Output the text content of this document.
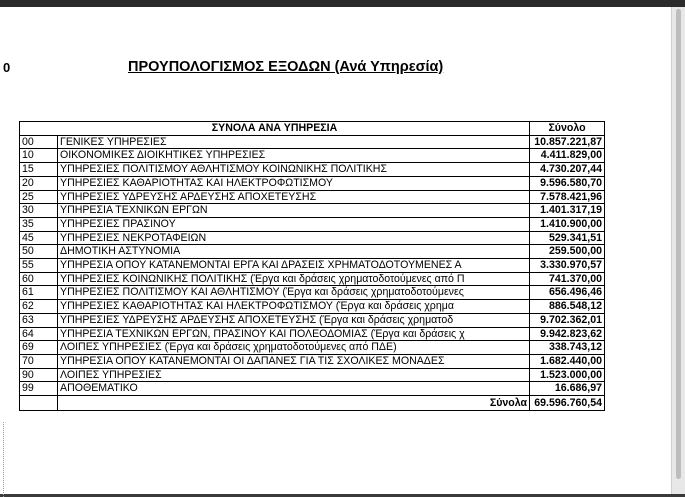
0	ΠΡΟΥΠΟΛΟΓΙΣΜΟΣ ΕΞΟΔΩΝ (Ανά Υπηρεσία)
ΣΥΝΟΛΑ ΑΝΑ ΥΠΗΡΕΣΙΑ		Σύνολο
00	ΓΕΝΙΚΕΣ ΥΠΗΡΕΣΙΕΣ	10.857.221,87
10	ΟΙΚΟΝΟΜΙΚΕΣ ΔΙΟΙΚΗΤΙΚΕΣ ΥΠΗΡΕΣΙΕΣ	4.411.829,00
15	ΥΠΗΡΕΣΙΕΣ ΠΟΛΙΤΙΣΜΟΥ ΑΘΛΗΤΙΣΜΟΥ ΚΟΙΝΩΝΙΚΗΣ ΠΟΛΙΤΙΚΗΣ	4.730.207,44
20	ΥΠΗΡΕΣΙΕΣ ΚΑΘΑΡΙΟΤΗΤΑΣ ΚΑΙ ΗΛΕΚΤΡΟΦΩΤΙΣΜΟΥ	9.596.580,70
25	ΥΠΗΡΕΣΙΕΣ ΥΔΡΕΥΣΗΣ ΑΡΔΕΥΣΗΣ ΑΠΟΧΕΤΕΥΣΗΣ	7.578.421,96
30	ΥΠΗΡΕΣΙΑ ΤΕΧΝΙΚΩΝ ΕΡΓΩΝ	1.401.317,19
35	ΥΠΗΡΕΣΙΕΣ ΠΡΑΣΙΝΟΥ	1.410.900,00
45	ΥΠΗΡΕΣΙΕΣ ΝΕΚΡΟΤΑΦΕΙΩΝ	529.341,51
50	ΔΗΜΟΤΙΚΗ ΑΣΤΥΝΟΜΙΑ	259.500,00
55	ΥΠΗΡΕΣΙΑ ΟΠΟΥ ΚΑΤΑΝΕΜΟΝΤΑΙ ΕΡΓΑ ΚΑΙ ΔΡΑΣΕΙΣ ΧΡΗΜΑΤΟΔΟΤΟΥΜΕΝΕΣ Α	3.330.970,57
60	ΥΠΗΡΕΣΙΕΣ ΚΟΙΝΩΝΙΚΗΣ ΠΟΛΙΤΙΚΗΣ (Έργα και δράσεις χρηματοδοτούμενες από Π	741.370,00
61	ΥΠΗΡΕΣΙΕΣ ΠΟΛΙΤΙΣΜΟΥ ΚΑΙ ΑΘΛΗΤΙΣΜΟΥ (Έργα και δράσεις χρηματοδοτούμενες	656.496,46
62	ΥΠΗΡΕΣΙΕΣ ΚΑΘΑΡΙΟΤΗΤΑΣ ΚΑΙ ΗΛΕΚΤΡΟΦΩΤΙΣΜΟΥ (Έργα και δράσεις χρημα	886.548,12
63	ΥΠΗΡΕΣΙΕΣ ΥΔΡΕΥΣΗΣ ΑΡΔΕΥΣΗΣ ΑΠΟΧΕΤΕΥΣΗΣ (Έργα και δράσεις χρηματοδ	9.702.362,01
64	ΥΠΗΡΕΣΙΑ ΤΕΧΝΙΚΩΝ ΕΡΓΩΝ, ΠΡΑΣΙΝΟΥ ΚΑΙ ΠΟΛΕΟΔΟΜΙΑΣ (Έργα και δράσεις χ	9.942.823,62
69	ΛΟΙΠΕΣ ΥΠΗΡΕΣΙΕΣ (Έργα και δράσεις χρηματοδοτούμενες από ΠΔΕ)	338.743,12
70	ΥΠΗΡΕΣΙΑ ΟΠΟΥ ΚΑΤΑΝΕΜΟΝΤΑΙ ΟΙ ΔΑΠΑΝΕΣ ΓΙΑ ΤΙΣ ΣΧΟΛΙΚΕΣ ΜΟΝΑΔΕΣ	1.682.440,00
90	ΛΟΙΠΕΣ ΥΠΗΡΕΣΙΕΣ	1.523.000,00
99	ΑΠΟΘΕΜΑΤΙΚΟ	16.686,97
	Σύνολα	69.596.760,54
